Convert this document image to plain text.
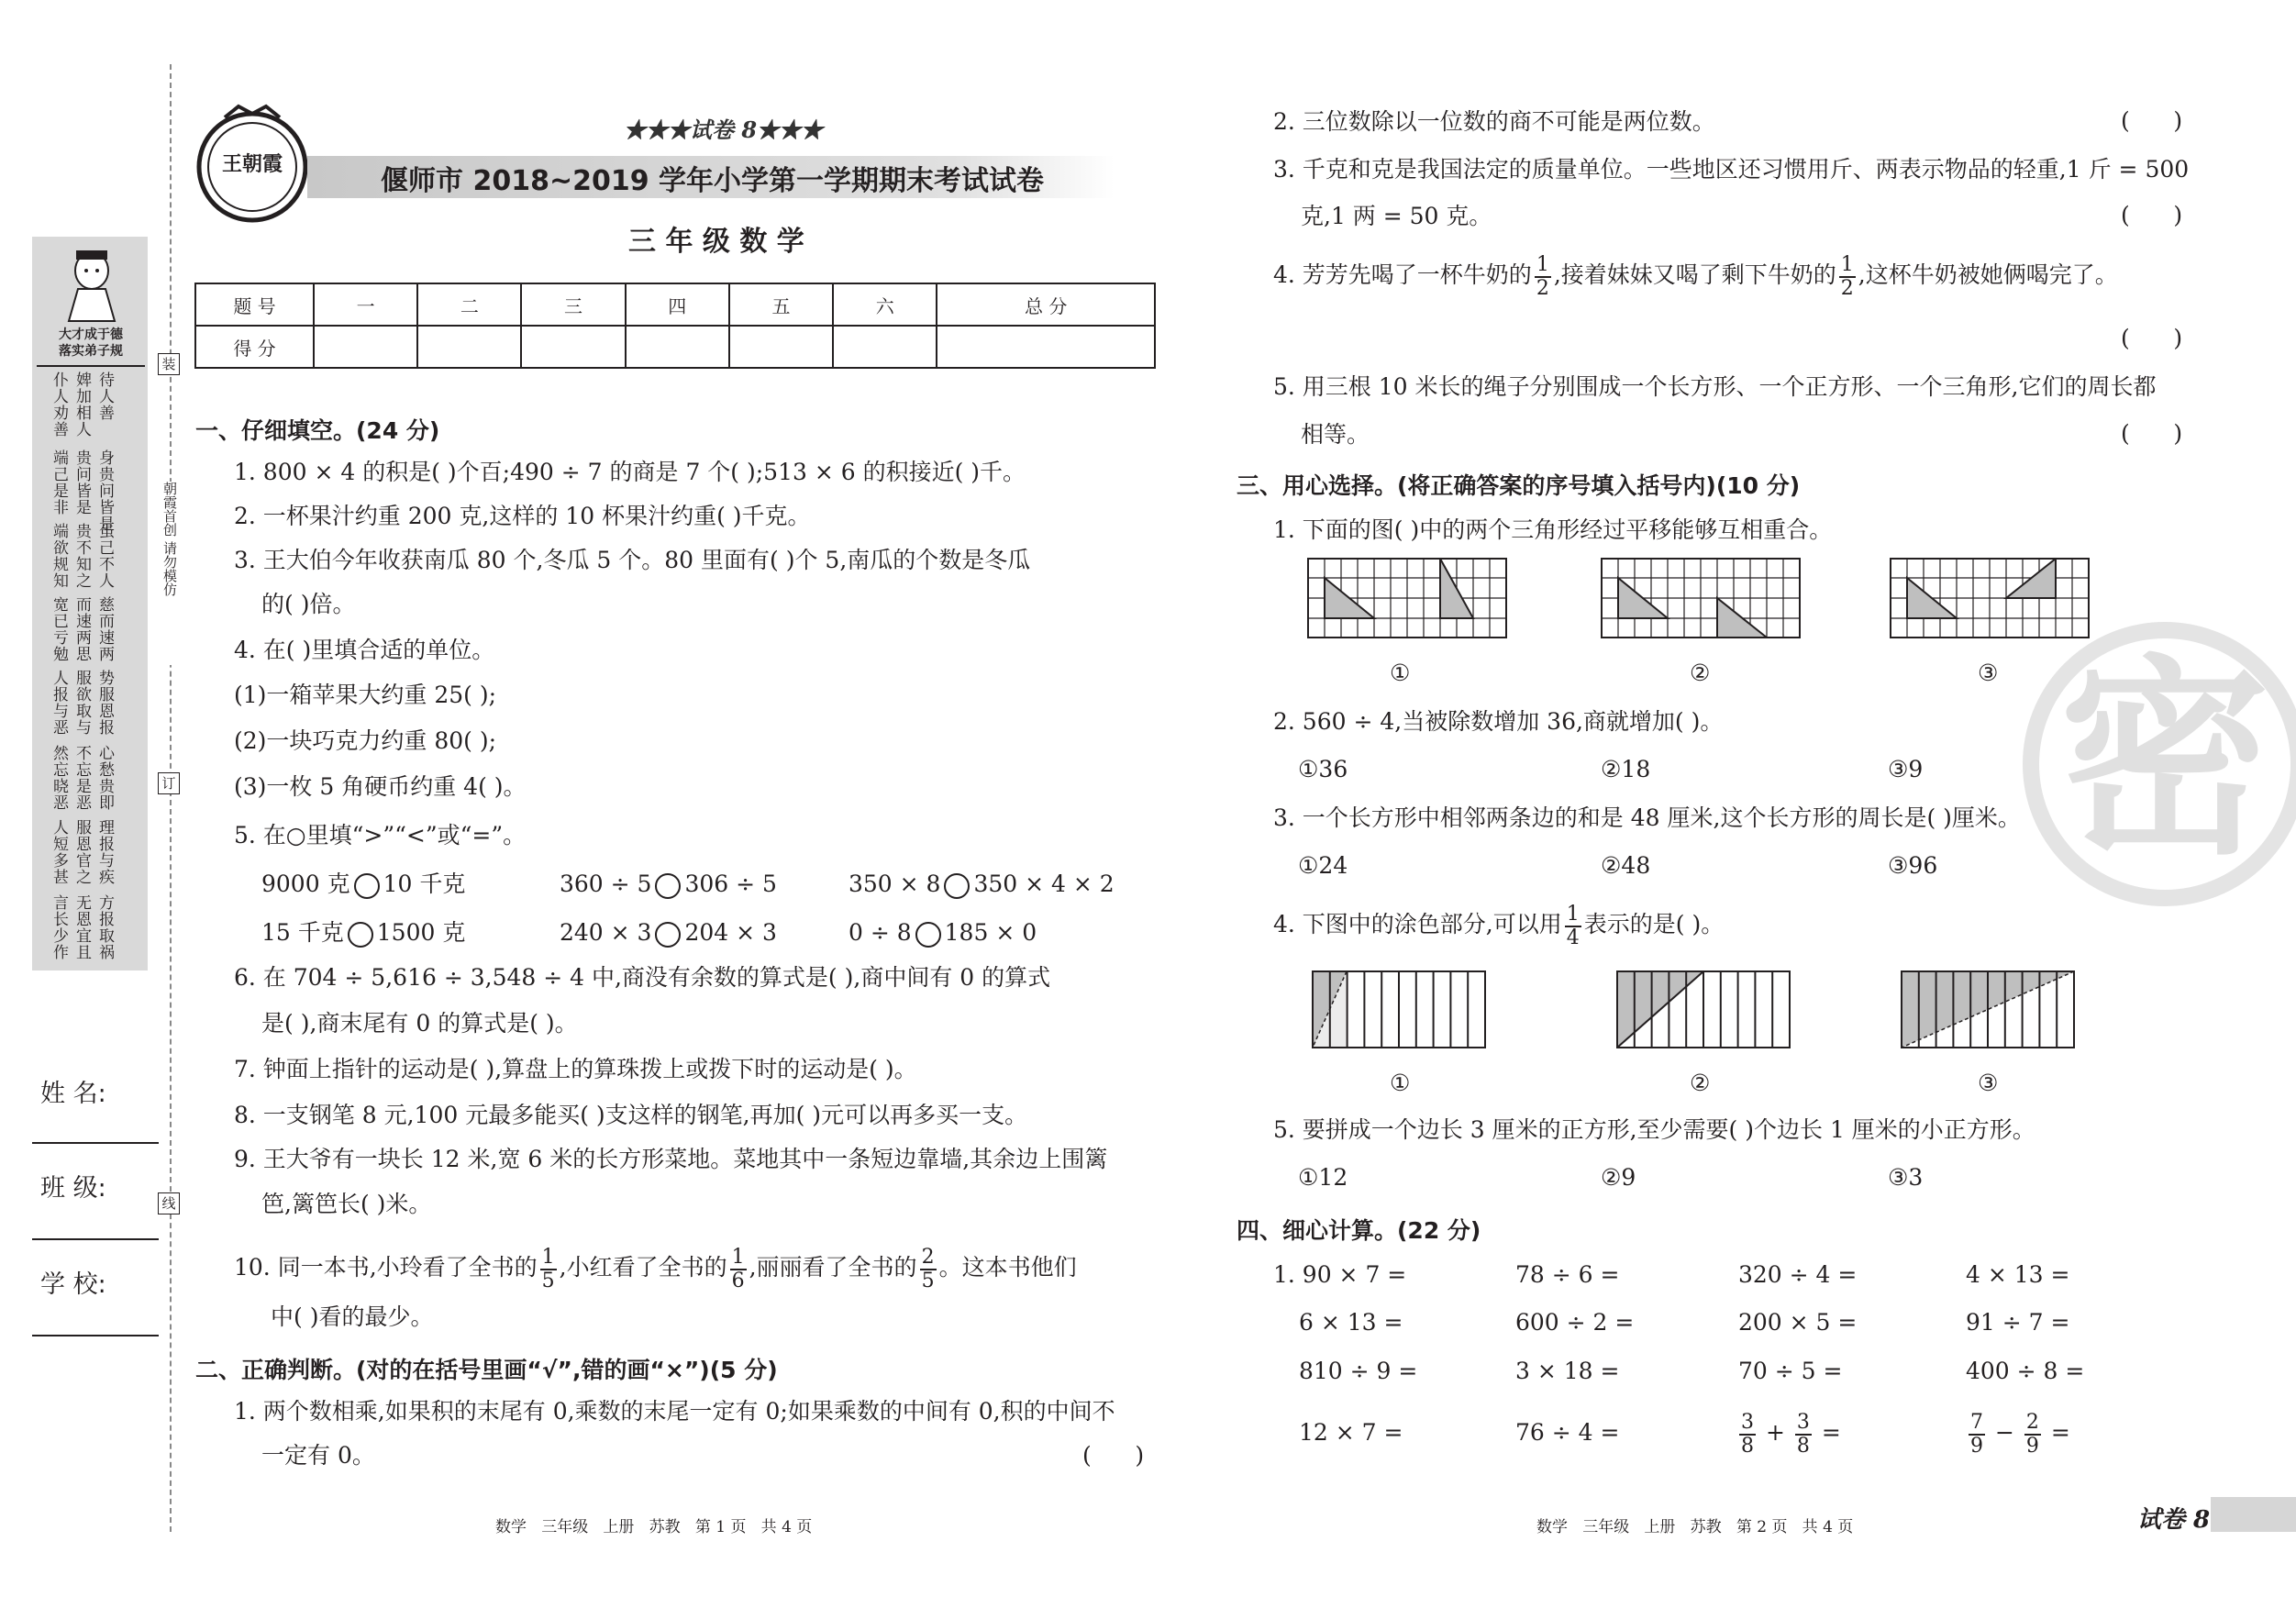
大才成于德
落实弟子规
待人善
婢加相人
仆人劝善
身贵问皆是
贵问皆是
端己是非
虽己不人
贵不知之
端欲规知
慈而速两
而速两思
宽已亏勉
势服恩报
服欲取与
人报与恶
心愁贵即
不忘是恶
然忘晓恶
理报与疾
服恩官之
人短多甚
方报取祸
无恩宜且
言长少作
装
朝霞首创 请勿模仿
订
线
姓 名:
班 级:
学 校:
王朝霞
★★★试卷 8★★★
偃师市 2018~2019 学年小学第一学期期末考试试卷
三 年 级 数 学
题 号	一	二	三	四	五	六	总 分
得 分							
一、仔细填空。(24 分)
1. 800 × 4 的积是( )个百;490 ÷ 7 的商是 7 个( );513 × 6 的积接近( )千。
2. 一杯果汁约重 200 克,这样的 10 杯果汁约重( )千克。
3. 王大伯今年收获南瓜 80 个,冬瓜 5 个。80 里面有( )个 5,南瓜的个数是冬瓜
的( )倍。
4. 在( )里填合适的单位。
(1)一箱苹果大约重 25( );
(2)一块巧克力约重 80( );
(3)一枚 5 角硬币约重 4( )。
5. 在○里填“>”“<”或“=”。
9000 克 10 千克	360 ÷ 5 306 ÷ 5	350 × 8 350 × 4 × 2
15 千克 1500 克	240 × 3 204 × 3	0 ÷ 8 185 × 0
6. 在 704 ÷ 5,616 ÷ 3,548 ÷ 4 中,商没有余数的算式是( ),商中间有 0 的算式
是( ),商末尾有 0 的算式是( )。
7. 钟面上指针的运动是( ),算盘上的算珠拨上或拨下时的运动是( )。
8. 一支钢笔 8 元,100 元最多能买( )支这样的钢笔,再加( )元可以再多买一支。
9. 王大爷有一块长 12 米,宽 6 米的长方形菜地。菜地其中一条短边靠墙,其余边上围篱
笆,篱笆长( )米。
10. 同一本书,小玲看了全书的 $\frac{1}{5}$ ,小红看了全书的 $\frac{1}{6}$ ,丽丽看了全书的 $\frac{2}{5}$ 。这本书他们
中( )看的最少。
二、正确判断。(对的在括号里画“√”,错的画“×”)(5 分)
1. 两个数相乘,如果积的末尾有 0,乘数的末尾一定有 0;如果乘数的中间有 0,积的中间不
一定有 0。	(      )
数学   三年级   上册   苏教   第 1 页   共 4 页
2. 三位数除以一位数的商不可能是两位数。	(      )
3. 千克和克是我国法定的质量单位。一些地区还习惯用斤、两表示物品的轻重,1 斤 = 500
克,1 两 = 50 克。	(      )
4. 芳芳先喝了一杯牛奶的 $\frac{1}{2}$ ,接着妹妹又喝了剩下牛奶的 $\frac{1}{2}$ ,这杯牛奶被她俩喝完了。
(      )
5. 用三根 10 米长的绳子分别围成一个长方形、一个正方形、一个三角形,它们的周长都
相等。	(      )
三、用心选择。(将正确答案的序号填入括号内)(10 分)
1. 下面的图( )中的两个三角形经过平移能够互相重合。
①	②	③
2. 560 ÷ 4,当被除数增加 36,商就增加( )。
①36	②18	③9
3. 一个长方形中相邻两条边的和是 48 厘米,这个长方形的周长是( )厘米。
①24	②48	③96
4. 下图中的涂色部分,可以用 $\frac{1}{4}$ 表示的是( )。
①	②	③
5. 要拼成一个边长 3 厘米的正方形,至少需要( )个边长 1 厘米的小正方形。
①12	②9	③3
四、细心计算。(22 分)
1. 90 × 7 =	78 ÷ 6 =	320 ÷ 4 =	4 × 13 =
6 × 13 =	600 ÷ 2 =	200 × 5 =	91 ÷ 7 =
810 ÷ 9 =	3 × 18 =	70 ÷ 5 =	400 ÷ 8 =
12 × 7 =	76 ÷ 4 =	$\frac{3}{8} + \frac{3}{8}$ =	$\frac{7}{9} - \frac{2}{9}$ =
密
数学   三年级   上册   苏教   第 2 页   共 4 页	试卷 8
